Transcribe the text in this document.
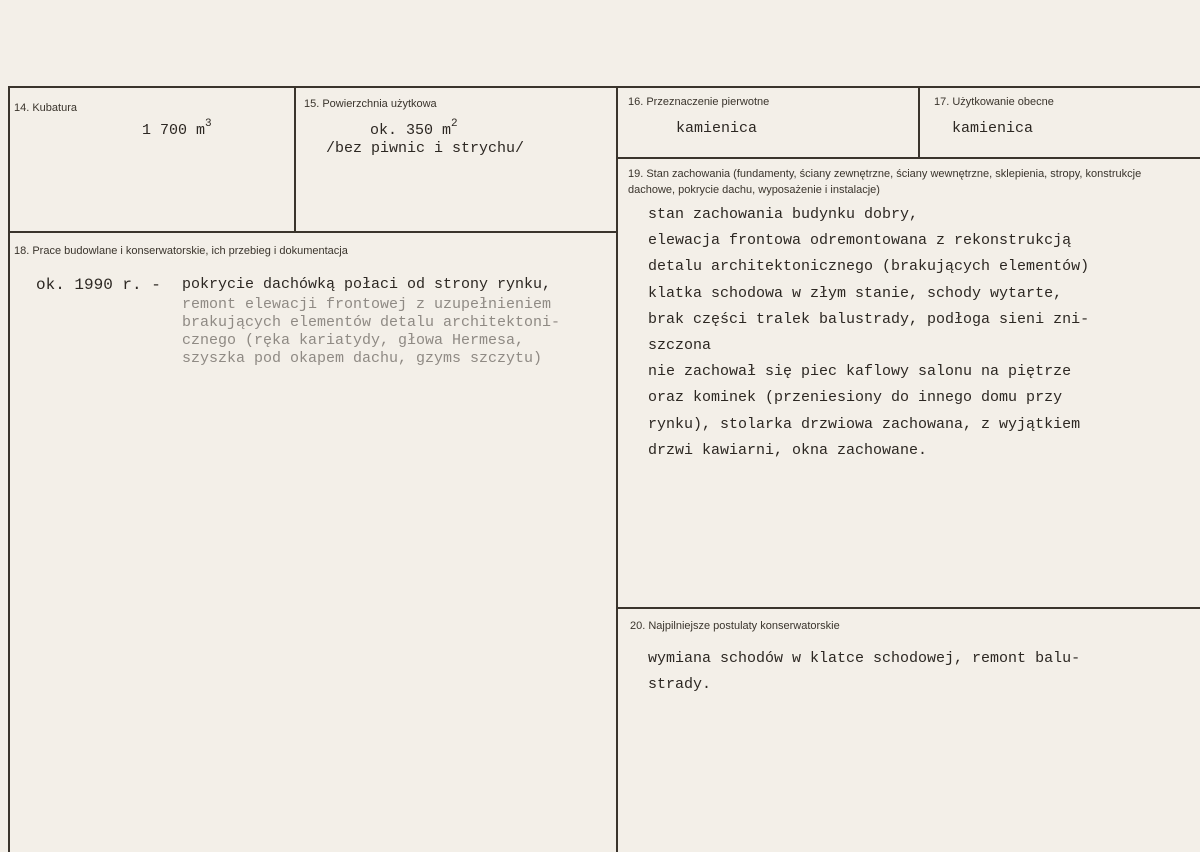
14. Kubatura
1 700 $m^3$
15. Powierzchnia użytkowa
ok. 350 $m^2$
/bez piwnic i strychu/
16. Przeznaczenie pierwotne
kamienica
17. Użytkowanie obecne
kamienica
18. Prace budowlane i konserwatorskie, ich przebieg i dokumentacja
ok. 1990 r. - pokrycie dachówką połaci od strony rynku,
remont elewacji frontowej z uzupełnieniem
brakujących elementów detalu architektoni-
cznego (ręka kariatydy, głowa Hermesa,
szyszka pod okapem dachu, gzyms szczytu)
19. Stan zachowania (fundamenty, ściany zewnętrzne, ściany wewnętrzne, sklepienia, stropy, konstrukcje dachowe, pokrycie dachu, wyposażenie i instalacje)
stan zachowania budynku dobry,
elewacja frontowa odremontowana z rekonstrukcją
detalu architektonicznego (brakujących elementów)
klatka schodowa w złym stanie, schody wytarte,
brak części tralek balustrady, podłoga sieni zni-
szczona
nie zachował się piec kaflowy salonu na piętrze
oraz kominek (przeniesiony do innego domu przy
rynku), stolarka drzwiowa zachowana, z wyjątkiem
drzwi kawiarni, okna zachowane.
20. Najpilniejsze postulaty konserwatorskie
wymiana schodów w klatce schodowej, remont balu-
strady.
